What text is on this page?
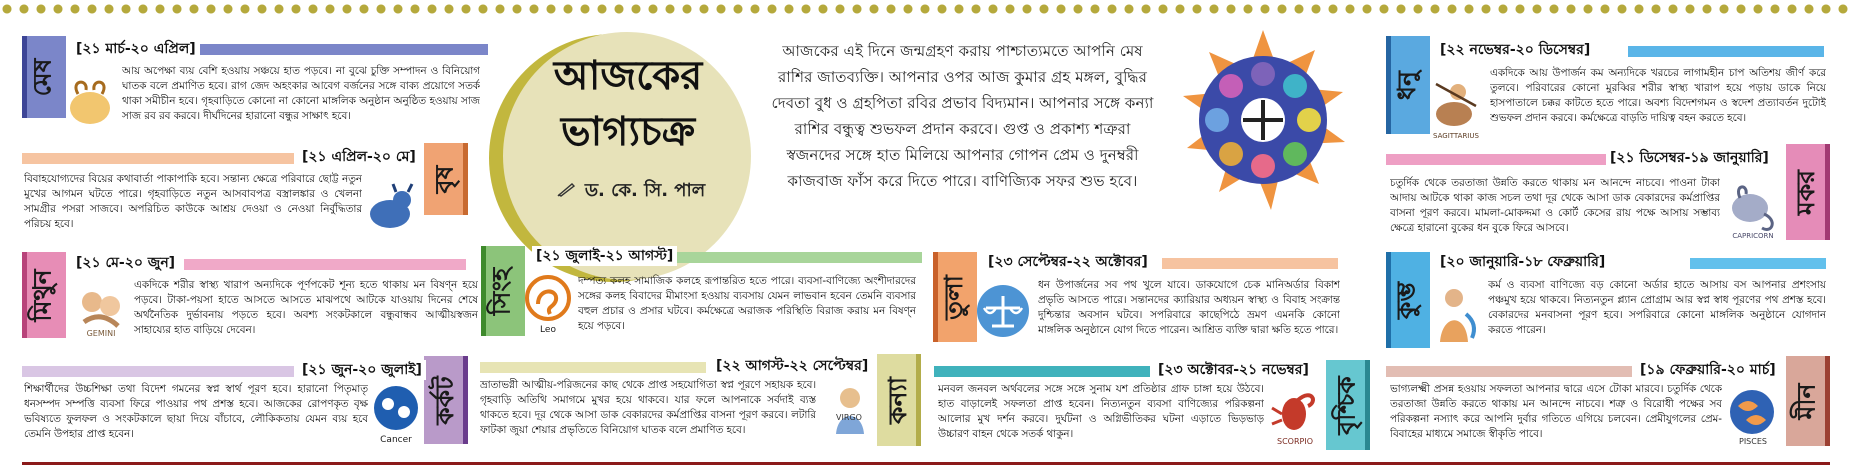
আজকের ভাগ্যচক্র
ড. কে. সি. পাল
আজকের এই দিনে জন্মগ্রহণ করায় পাশ্চাত্যমতে আপনি মেষ রাশির জাতব্যক্তি। আপনার ওপর আজ কুমার গ্রহ মঙ্গল, বুদ্ধির দেবতা বুধ ও গ্রহপিতা রবির প্রভাব বিদ্যমান। আপনার সঙ্গে কন্যা রাশির বন্ধুত্ব শুভফল প্রদান করবে। গুপ্ত ও প্রকাশ্য শত্রুরা স্বজনদের সঙ্গে হাত মিলিয়ে আপনার গোপন প্রেম ও দুনম্বরী কাজবাজ ফাঁস করে দিতে পারে। বাণিজ্যিক সফর শুভ হবে।
মেষ
[২১ মার্চ-২০ এপ্রিল]
আয় অপেক্ষা ব্যয় বেশি হওয়ায় সঞ্চয়ে হাত পড়বে। না বুঝে চুক্তি সম্পাদন ও বিনিয়োগ ঘাতক বলে প্রমাণিত হবে। রাগ জেদ অহংকার আবেগ বর্জনের সঙ্গে বাক্য প্রয়োগে সতর্ক থাকা সমীচীন হবে। গৃহবাড়িতে কোনো না কোনো মাঙ্গলিক অনুষ্ঠান অনুষ্ঠিত হওয়ায় সাজ সাজ রব রব করবে। দীর্ঘদিনের হারানো বন্ধুর সাক্ষাৎ হবে।
বৃষ
[২১ এপ্রিল-২০ মে]
বিবাহযোগ্যদের বিয়ের কথাবার্তা পাকাপাকি হবে। সন্তান্য ক্ষেত্রে পরিবারে ছোট্ট নতুন মুখের আগমন ঘটতে পারে। গৃহবাড়িতে নতুন আসবাবপত্র বস্ত্রালঙ্কার ও খেলনা সামগ্রীর পসরা সাজবে। অপরিচিত কাউকে আশ্রয় দেওয়া ও নেওয়া নির্বুদ্ধিতার পরিচয় হবে।
মিথুন
[২১ মে-২০ জুন]
GEMINI
একদিকে শরীর স্বাস্থ্য খারাপ অন্যদিকে পূর্ণপকেট শূন্য হতে থাকায় মন বিষণ্ন হয়ে পড়বে। টাকা-পয়সা হাতে আসতে আসতে মাঝপথে আটকে যাওয়ায় দিনের শেষে অর্থনৈতিক দুর্ভাবনায় পড়তে হবে। অবশ্য সংকটকালে বন্ধুবান্ধব আত্মীয়স্বজন সাহায্যের হাত বাড়িয়ে দেবেন।
কর্কট
[২১ জুন-২০ জুলাই]
Cancer
শিক্ষার্থীদের উচ্চশিক্ষা তথা বিদেশ গমনের স্বপ্ন স্বার্থ পূরণ হবে। হারানো পিতৃমাতৃ ধনসম্পদ সম্পত্তি ব্যবসা ফিরে পাওয়ার পথ প্রশস্ত হবে। আজকের রোপণকৃত বৃক্ষ ভবিষ্যতে ফুলফল ও সংকটকালে ছায়া দিয়ে বাঁচাবে, লৌকিকতায় যেমন ব্যয় হবে তেমনি উপহার প্রাপ্ত হবেন।
সিংহ
[২১ জুলাই-২১ আগস্ট]
Leo
দম্পত্য কলহ সামাজিক কলহে রূপান্তরিত হতে পারে। ব্যবসা-বাণিজ্যে অংশীদারদের সঙ্গের কলহ বিবাদের মীমাংসা হওয়ায় ব্যবসায় যেমন লাভবান হবেন তেমনি ব্যবসার বহুল প্রচার ও প্রসার ঘটবে। কর্মক্ষেত্রে অরাজক পরিস্থিতি বিরাজ করায় মন বিষণ্ন হয়ে পড়বে।
কন্যা
[২২ আগস্ট-২২ সেপ্টেম্বর]
VIRGO
ভ্রাতাভগ্নী আত্মীয়-পরিজনের কাছ থেকে প্রাপ্ত সহযোগিতা স্বপ্ন পূরণে সহায়ক হবে। গৃহবাড়ি অতিথি সমাগমে মুখর হয়ে থাকবে। যার ফলে আপনাকে সর্বদাই ব্যস্ত থাকতে হবে। দূর থেকে আসা ডাক বেকারদের কর্মপ্রাপ্তির বাসনা পূরণ করবে। লটারি ফাটকা জুয়া শেয়ার প্রভৃতিতে বিনিয়োগ ঘাতক বলে প্রমাণিত হবে।
তুলা
[২৩ সেপ্টেম্বর-২২ অক্টোবর]
ধন উপার্জনের সব পথ খুলে যাবে। ডাকযোগে চেক মানিঅর্ডার বিকাশ প্রভৃতি আসতে পারে। সন্তানদের ক্যারিয়ার অধ্যয়ন স্বাস্থ্য ও বিবাহ সংক্রান্ত দুশ্চিন্তার অবসান ঘটবে। সপরিবারে কাছেপিঠে ভ্রমণ এমনকি কোনো মাঙ্গলিক অনুষ্ঠানে যোগ দিতে পারেন। আশ্রিত ব্যক্তি দ্বারা ক্ষতি হতে পারে।
বৃশ্চিক
[২৩ অক্টোবর-২১ নভেম্বর]
SCORPIO
মনবল জনবল অর্থবলের সঙ্গে সঙ্গে সুনাম যশ প্রতিষ্ঠার গ্রাফ চাঙ্গা হয়ে উঠবে। হাত বাড়ালেই সফলতা প্রাপ্ত হবেন। নিত্যনতুন ব্যবসা বাণিজ্যের পরিকল্পনা আলোর মুখ দর্শন করবে। দুর্ঘটনা ও অগ্নিভীতিকর ঘটনা এড়াতে ভিড়ভাড় উচ্চারণ বাহন থেকে সতর্ক থাকুন।
ধনু
[২২ নভেম্বর-২০ ডিসেম্বর]
SAGITTARIUS
একদিকে আয় উপার্জন কম অন্যদিকে খরচের লাগামহীন চাপ অতিশয় জীর্ণ করে তুলবে। পরিবারের কোনো মুরব্বির শরীর স্বাস্থ্য খারাপ হয়ে পড়ায় ডাকে নিয়ে হাসপাতালে চক্কর কাটতে হতে পারে। অবশ্য বিদেশগমন ও স্বদেশ প্রত্যাবর্তন দুটোই শুভফল প্রদান করবে। কর্মক্ষেত্রে বাড়তি দায়িত্ব বহন করতে হবে।
মকর
[২১ ডিসেম্বর-১৯ জানুয়ারি]
CAPRICORN
চতুর্দিক থেকে তরতাজা উন্নতি করতে থাকায় মন আনন্দে নাচবে। পাওনা টাকা আদায় আটকে থাকা কাজ সচল তথা দূর থেকে আসা ডাক বেকারদের কর্মপ্রাপ্তির বাসনা পূরণ করবে। মামলা-মোকদ্দমা ও কোর্ট কেসের রায় পক্ষে আসায় সম্ভাব্য ক্ষেত্রে হারানো বুকের ধন বুকে ফিরে আসবে।
কুম্ভ
[২০ জানুয়ারি-১৮ ফেব্রুয়ারি]
কর্ম ও ব্যবসা বাণিজ্যে বড় কোনো অর্ডার হাতে আসায় বস আপনার প্রশংসায় পঞ্চমুখ হয়ে থাকবে। নিত্যনতুন প্ল্যান প্রোগ্রাম আর স্বপ্ন স্বাধ পূরণের পথ প্রশস্ত হবে। বেকারদের মনবাসনা পূরণ হবে। সপরিবারে কোনো মাঙ্গলিক অনুষ্ঠানে যোগদান করতে পারেন।
মীন
[১৯ ফেব্রুয়ারি-২০ মার্চ]
PISCES
ভাগ্যলক্ষ্মী প্রসন্ন হওয়ায় সফলতা আপনার দ্বারে এসে টোকা মারবে। চতুর্দিক থেকে তরতাজা উন্নতি করতে থাকায় মন আনন্দে নাচবে। শত্রু ও বিরোধী পক্ষের সব পরিকল্পনা নস্যাৎ করে আপনি দুর্বার গতিতে এগিয়ে চলবেন। প্রেমীযুগলের প্রেম-বিবাহের মাধ্যমে সমাজে স্বীকৃতি পাবে।
